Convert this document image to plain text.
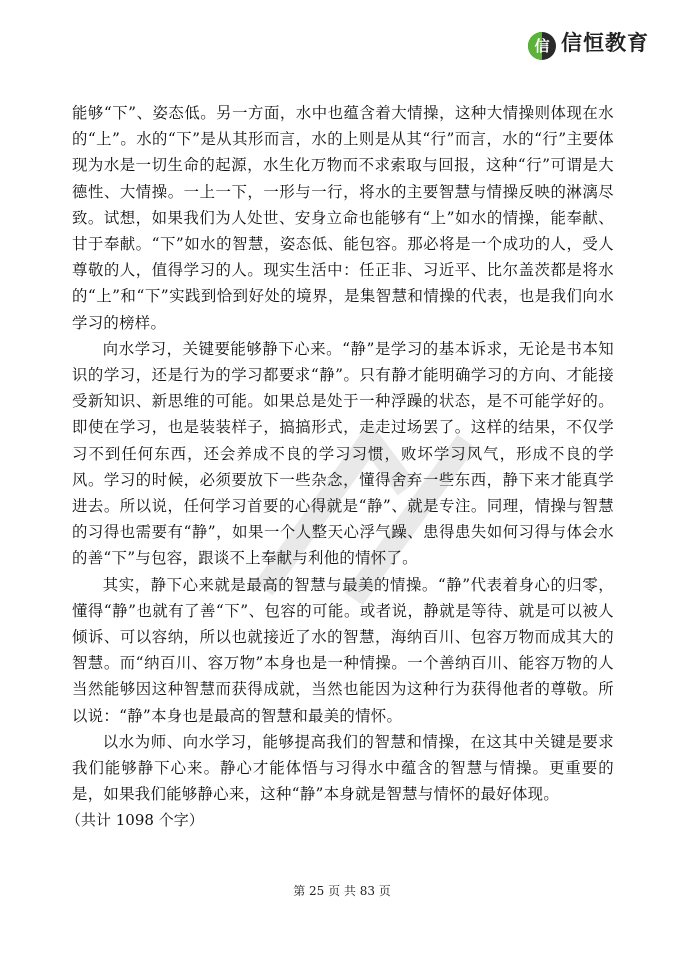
信 信恒教育

能够“下”、姿态低。另一方面，水中也蕴含着大情操，这种大情操则体现在水的“上”。水的“下”是从其形而言，水的上则是从其“行”而言，水的“行”主要体现为水是一切生命的起源，水生化万物而不求索取与回报，这种“行”可谓是大德性、大情操。一上一下，一形与一行，将水的主要智慧与情操反映的淋漓尽致。试想，如果我们为人处世、安身立命也能够有“上”如水的情操，能奉献、甘于奉献。“下”如水的智慧，姿态低、能包容。那必将是一个成功的人，受人尊敬的人，值得学习的人。现实生活中：任正非、习近平、比尔盖茨都是将水的“上”和“下”实践到恰到好处的境界，是集智慧和情操的代表，也是我们向水学习的榜样。

向水学习，关键要能够静下心来。“静”是学习的基本诉求，无论是书本知识的学习，还是行为的学习都要求“静”。只有静才能明确学习的方向、才能接受新知识、新思维的可能。如果总是处于一种浮躁的状态，是不可能学好的。即使在学习，也是装装样子，搞搞形式，走走过场罢了。这样的结果，不仅学习不到任何东西，还会养成不良的学习习惯，败坏学习风气，形成不良的学风。学习的时候，必须要放下一些杂念，懂得舍弃一些东西，静下来才能真学进去。所以说，任何学习首要的心得就是“静”、就是专注。同理，情操与智慧的习得也需要有“静”，如果一个人整天心浮气躁、患得患失如何习得与体会水的善“下”与包容，跟谈不上奉献与利他的情怀了。

其实，静下心来就是最高的智慧与最美的情操。“静”代表着身心的归零，懂得“静”也就有了善“下”、包容的可能。或者说，静就是等待、就是可以被人倾诉、可以容纳，所以也就接近了水的智慧，海纳百川、包容万物而成其大的智慧。而“纳百川、容万物”本身也是一种情操。一个善纳百川、能容万物的人当然能够因这种智慧而获得成就，当然也能因为这种行为获得他者的尊敬。所以说：“静”本身也是最高的智慧和最美的情怀。

以水为师、向水学习，能够提高我们的智慧和情操，在这其中关键是要求我们能够静下心来。静心才能体悟与习得水中蕴含的智慧与情操。更重要的是，如果我们能够静心来，这种“静”本身就是智慧与情怀的最好体现。

（共计 1098 个字）

第 25 页 共 83 页
